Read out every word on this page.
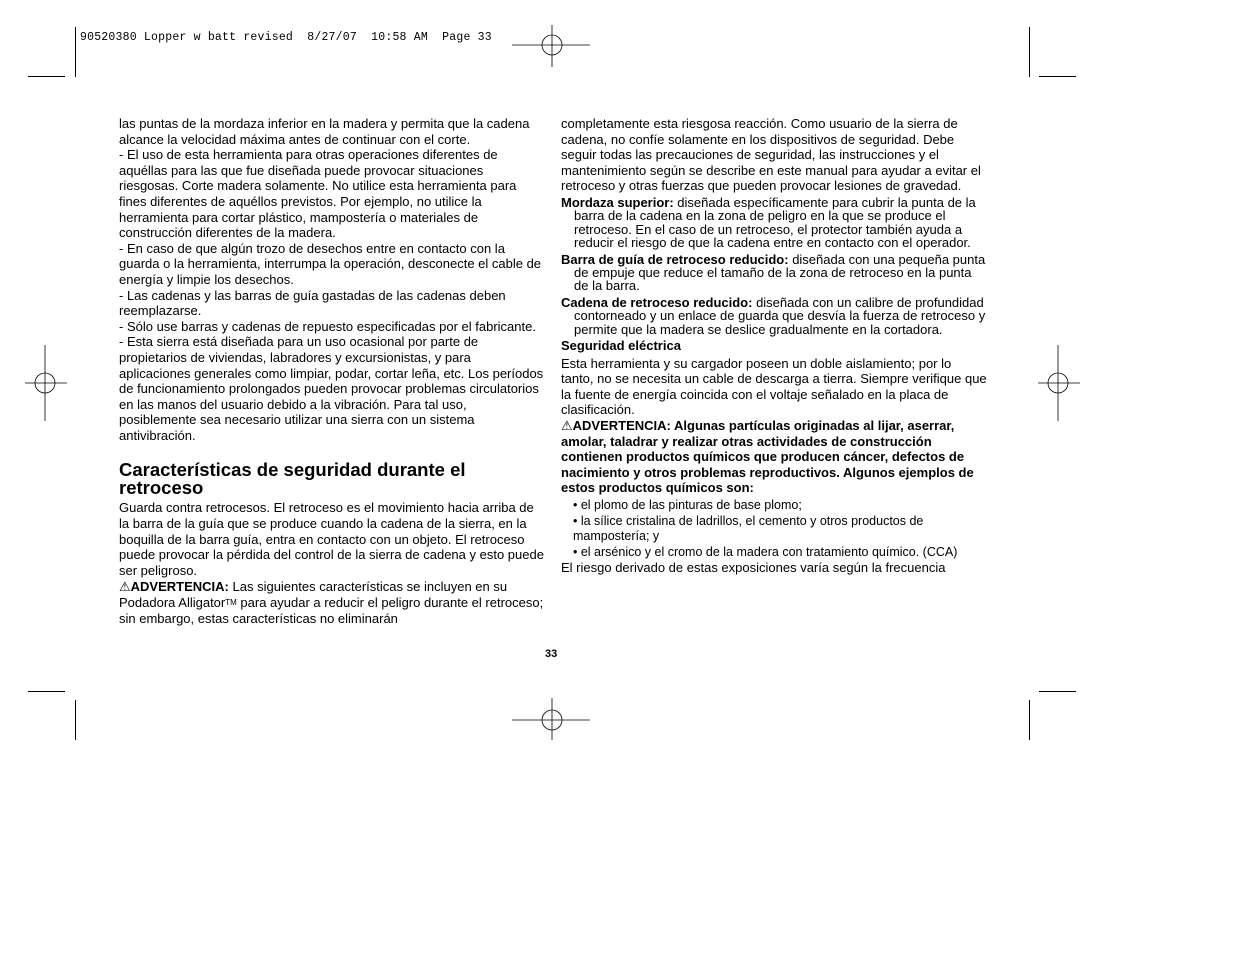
90520380 Lopper w batt revised  8/27/07  10:58 AM  Page 33

las puntas de la mordaza inferior en la madera y permita que la cadena alcance la velocidad máxima antes de continuar con el corte.

- El uso de esta herramienta para otras operaciones diferentes de aquéllas para las que fue diseñada puede provocar situaciones riesgosas. Corte madera solamente. No utilice esta herramienta para fines diferentes de aquéllos previstos. Por ejemplo, no utilice la herramienta para cortar plástico, mampostería o materiales de construcción diferentes de la madera.

- En caso de que algún trozo de desechos entre en contacto con la guarda o la herramienta, interrumpa la operación, desconecte el cable de energía y limpie los desechos.

- Las cadenas y las barras de guía gastadas de las cadenas deben reemplazarse.

- Sólo use barras y cadenas de repuesto especificadas por el fabricante.

- Esta sierra está diseñada para un uso ocasional por parte de propietarios de viviendas, labradores y excursionistas, y para aplicaciones generales como limpiar, podar, cortar leña, etc. Los períodos de funcionamiento prolongados pueden provocar problemas circulatorios en las manos del usuario debido a la vibración. Para tal uso, posiblemente sea necesario utilizar una sierra con un sistema antivibración.

Características de seguridad durante el retroceso

Guarda contra retrocesos. El retroceso es el movimiento hacia arriba de la barra de la guía que se produce cuando la cadena de la sierra, en la boquilla de la barra guía, entra en contacto con un objeto. El retroceso puede provocar la pérdida del control de la sierra de cadena y esto puede ser peligroso.

⚠ADVERTENCIA: Las siguientes características se incluyen en su Podadora Alligator™ para ayudar a reducir el peligro durante el retroceso; sin embargo, estas características no eliminarán

completamente esta riesgosa reacción. Como usuario de la sierra de cadena, no confíe solamente en los dispositivos de seguridad. Debe seguir todas las precauciones de seguridad, las instrucciones y el mantenimiento según se describe en este manual para ayudar a evitar el retroceso y otras fuerzas que pueden provocar lesiones de gravedad.

Mordaza superior: diseñada específicamente para cubrir la punta de la barra de la cadena en la zona de peligro en la que se produce el retroceso. En el caso de un retroceso, el protector también ayuda a reducir el riesgo de que la cadena entre en contacto con el operador.

Barra de guía de retroceso reducido: diseñada con una pequeña punta de empuje que reduce el tamaño de la zona de retroceso en la punta de la barra.

Cadena de retroceso reducido: diseñada con un calibre de profundidad contorneado y un enlace de guarda que desvía la fuerza de retroceso y permite que la madera se deslice gradualmente en la cortadora.

Seguridad eléctrica

Esta herramienta y su cargador poseen un doble aislamiento; por lo tanto, no se necesita un cable de descarga a tierra. Siempre verifique que la fuente de energía coincida con el voltaje señalado en la placa de clasificación.

⚠ADVERTENCIA: Algunas partículas originadas al lijar, aserrar, amolar, taladrar y realizar otras actividades de construcción contienen productos químicos que producen cáncer, defectos de nacimiento y otros problemas reproductivos. Algunos ejemplos de estos productos químicos son:

• el plomo de las pinturas de base plomo;

• la sílice cristalina de ladrillos, el cemento y otros productos de mampostería; y

• el arsénico y el cromo de la madera con tratamiento químico. (CCA)

El riesgo derivado de estas exposiciones varía según la frecuencia

33
